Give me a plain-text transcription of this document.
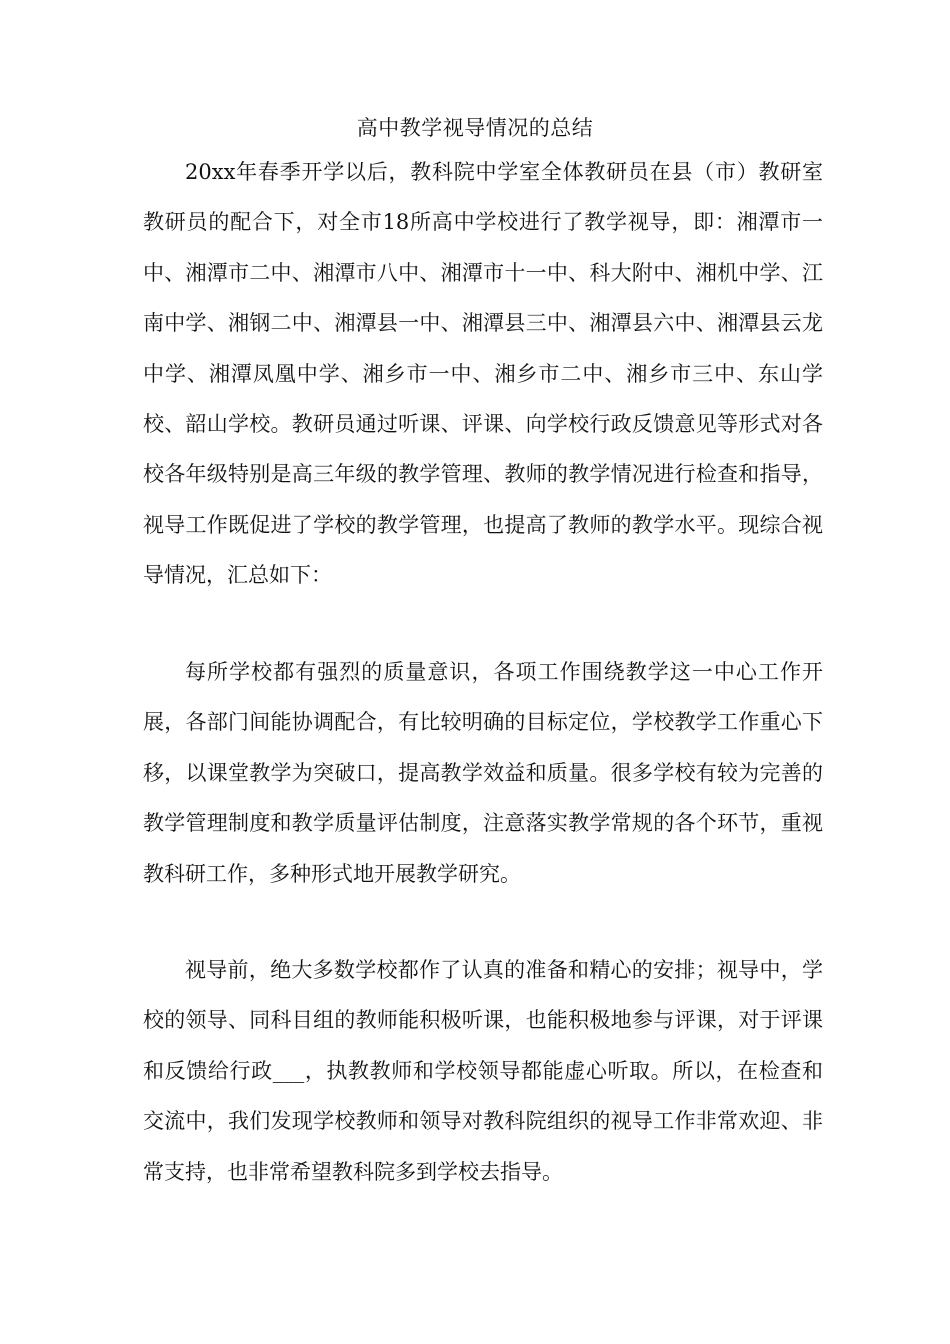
高中教学视导情况的总结

20xx年春季开学以后，教科院中学室全体教研员在县（市）教研室教研员的配合下，对全市18所高中学校进行了教学视导，即：湘潭市一中、湘潭市二中、湘潭市八中、湘潭市十一中、科大附中、湘机中学、江南中学、湘钢二中、湘潭县一中、湘潭县三中、湘潭县六中、湘潭县云龙中学、湘潭凤凰中学、湘乡市一中、湘乡市二中、湘乡市三中、东山学校、韶山学校。教研员通过听课、评课、向学校行政反馈意见等形式对各校各年级特别是高三年级的教学管理、教师的教学情况进行检查和指导，视导工作既促进了学校的教学管理，也提高了教师的教学水平。现综合视导情况，汇总如下：

每所学校都有强烈的质量意识，各项工作围绕教学这一中心工作开展，各部门间能协调配合，有比较明确的目标定位，学校教学工作重心下移，以课堂教学为突破口，提高教学效益和质量。很多学校有较为完善的教学管理制度和教学质量评估制度，注意落实教学常规的各个环节，重视教科研工作，多种形式地开展教学研究。

视导前，绝大多数学校都作了认真的准备和精心的安排；视导中，学校的领导、同科目组的教师能积极听课，也能积极地参与评课，对于评课和反馈给行政___，执教教师和学校领导都能虚心听取。所以，在检查和交流中，我们发现学校教师和领导对教科院组织的视导工作非常欢迎、非常支持，也非常希望教科院多到学校去指导。
